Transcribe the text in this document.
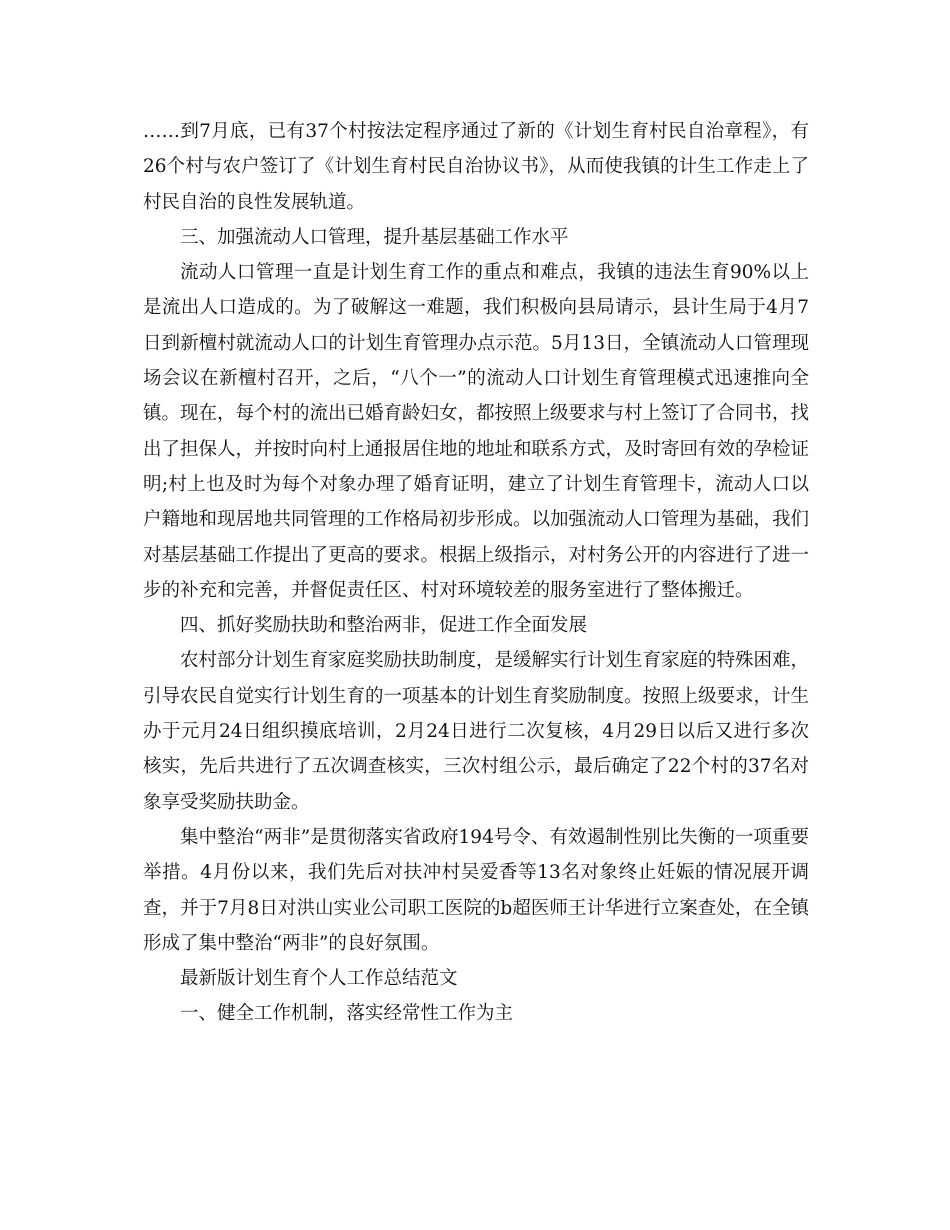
……到7月底，已有37个村按法定程序通过了新的《计划生育村民自治章程》，有26个村与农户签订了《计划生育村民自治协议书》，从而使我镇的计生工作走上了村民自治的良性发展轨道。

三、加强流动人口管理，提升基层基础工作水平

流动人口管理一直是计划生育工作的重点和难点，我镇的违法生育90%以上是流出人口造成的。为了破解这一难题，我们积极向县局请示，县计生局于4月7日到新檀村就流动人口的计划生育管理办点示范。5月13日，全镇流动人口管理现场会议在新檀村召开，之后，“八个一”的流动人口计划生育管理模式迅速推向全镇。现在，每个村的流出已婚育龄妇女，都按照上级要求与村上签订了合同书，找出了担保人，并按时向村上通报居住地的地址和联系方式，及时寄回有效的孕检证明;村上也及时为每个对象办理了婚育证明，建立了计划生育管理卡，流动人口以户籍地和现居地共同管理的工作格局初步形成。以加强流动人口管理为基础，我们对基层基础工作提出了更高的要求。根据上级指示，对村务公开的内容进行了进一步的补充和完善，并督促责任区、村对环境较差的服务室进行了整体搬迁。

四、抓好奖励扶助和整治两非，促进工作全面发展

农村部分计划生育家庭奖励扶助制度，是缓解实行计划生育家庭的特殊困难，引导农民自觉实行计划生育的一项基本的计划生育奖励制度。按照上级要求，计生办于元月24日组织摸底培训，2月24日进行二次复核，4月29日以后又进行多次核实，先后共进行了五次调查核实，三次村组公示，最后确定了22个村的37名对象享受奖励扶助金。

集中整治“两非”是贯彻落实省政府194号令、有效遏制性别比失衡的一项重要举措。4月份以来，我们先后对扶冲村吴爱香等13名对象终止妊娠的情况展开调查，并于7月8日对洪山实业公司职工医院的b超医师王计华进行立案查处，在全镇形成了集中整治“两非”的良好氛围。

最新版计划生育个人工作总结范文

一、健全工作机制，落实经常性工作为主
